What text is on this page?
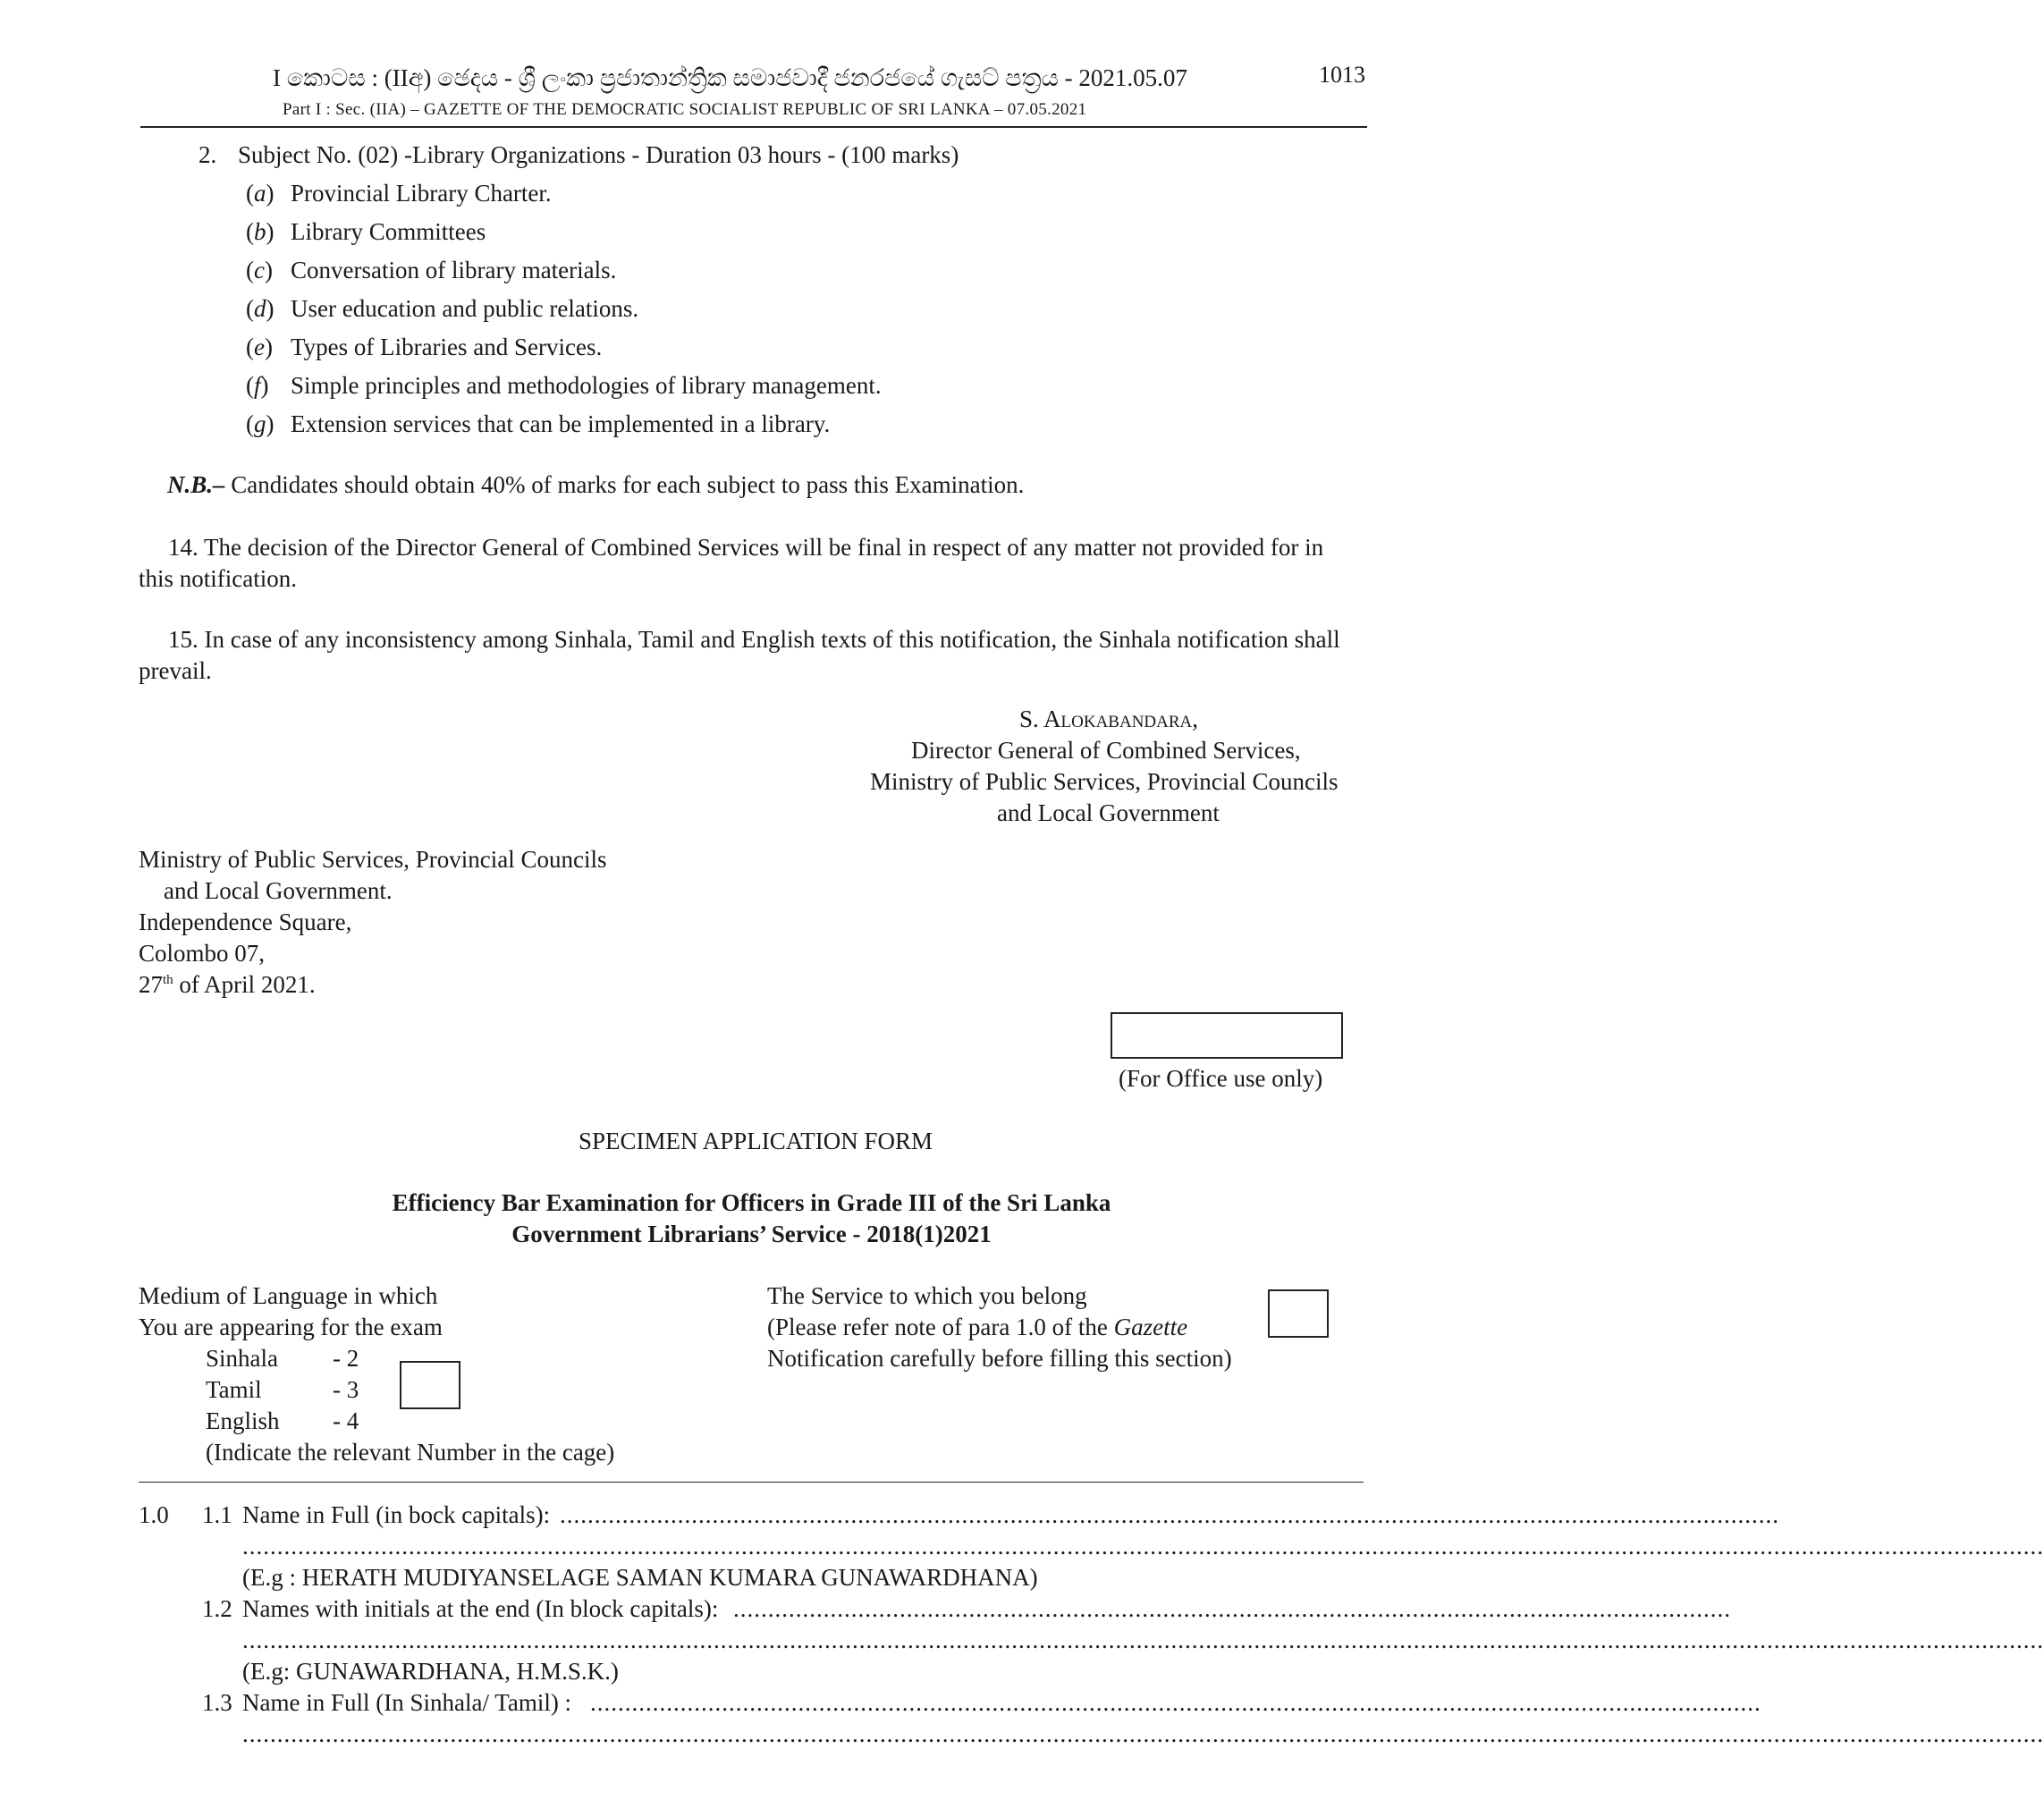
I කොටස : (IIඅ) ඡෙදය - ශ්‍රී ලංකා ප්‍රජාතාන්ත්‍රික සමාජවාදී ජනරජයේ ගැසට් පත්‍රය - 2021.05.07	1013
Part I : Sec. (IIA) – GAZETTE OF THE DEMOCRATIC SOCIALIST REPUBLIC OF SRI LANKA – 07.05.2021
2. Subject No. (02) -Library Organizations - Duration 03 hours - (100 marks)
(a) Provincial Library Charter.
(b) Library Committees
(c) Conversation of library materials.
(d) User education and public relations.
(e) Types of Libraries and Services.
(f) Simple principles and methodologies of library management.
(g) Extension services that can be implemented in a library.
N.B.– Candidates should obtain 40% of marks for each subject to pass this Examination.
14. The decision of the Director General of Combined Services will be final in respect of any matter not provided for in
this notification.
15. In case of any inconsistency among Sinhala, Tamil and English texts of this notification, the Sinhala notification shall
prevail.
S. Alokabandara,
Director General of Combined Services,
Ministry of Public Services, Provincial Councils
and Local Government
Ministry of Public Services, Provincial Councils
and Local Government.
Independence Square,
Colombo 07,
27th of April 2021.
(For Office use only)
SPECIMEN APPLICATION FORM
Efficiency Bar Examination for Officers in Grade III of the Sri Lanka
Government Librarians’ Service - 2018(1)2021
Medium of Language in which
You are appearing for the exam
Sinhala - 2
Tamil	- 3
English - 4
(Indicate the relevant Number in the cage)
The Service to which you belong
(Please refer note of para 1.0 of the Gazette
Notification carefully before filling this section)
1.0 1.1 Name in Full (in bock capitals): ................................................................................................................................................................................
....................................................................................................................................................................................................................................................................
(E.g : HERATH MUDIYANSELAGE SAMAN KUMARA GUNAWARDHANA)
1.2 Names with initials at the end (In block capitals): ................................................................................................................................................
....................................................................................................................................................................................................................................................................
(E.g: GUNAWARDHANA, H.M.S.K.)
1.3 Name in Full (In Sinhala/ Tamil) : .........................................................................................................................................................................
....................................................................................................................................................................................................................................................................
